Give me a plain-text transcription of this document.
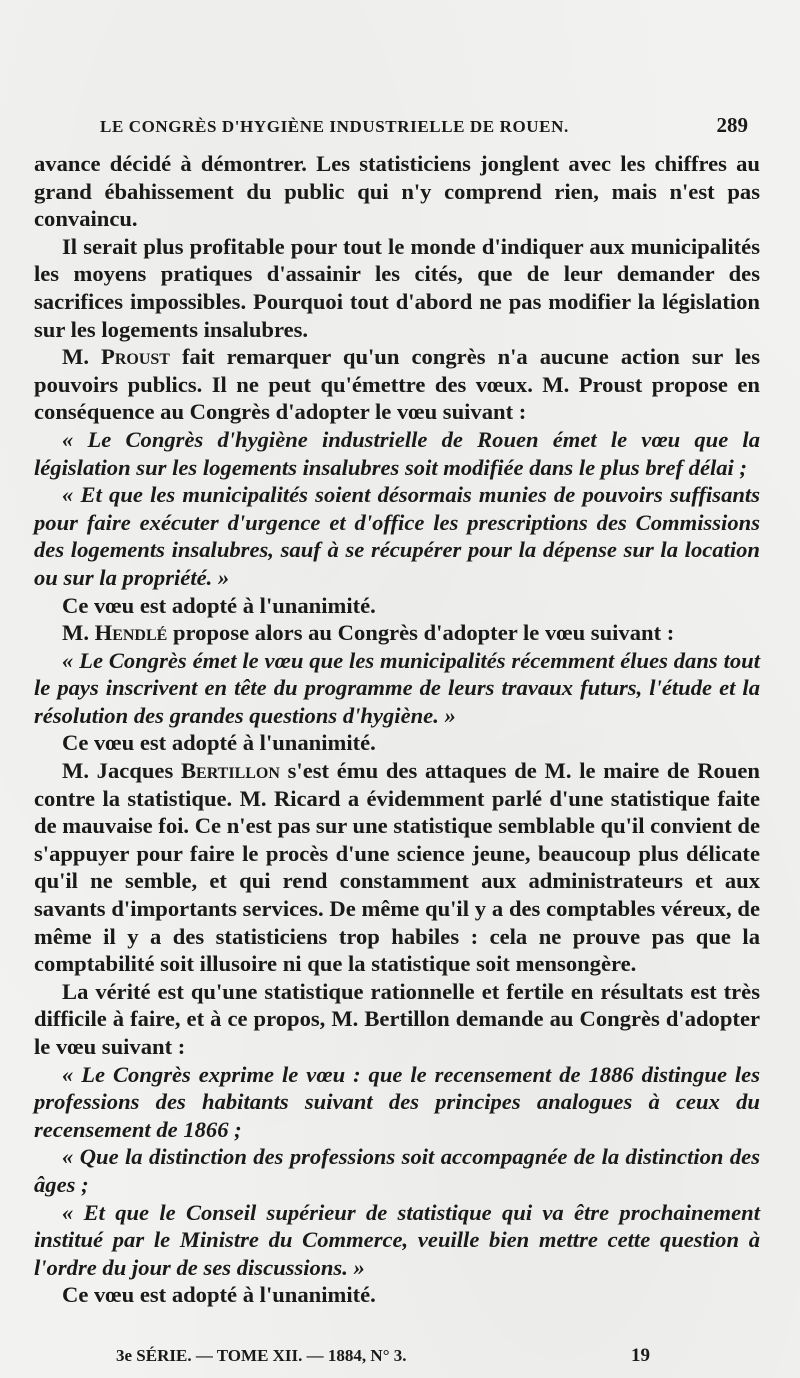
LE CONGRÈS D'HYGIÈNE INDUSTRIELLE DE ROUEN.	289

avance décidé à démontrer. Les statisticiens jonglent avec les chiffres au grand ébahissement du public qui n'y comprend rien, mais n'est pas convaincu.

Il serait plus profitable pour tout le monde d'indiquer aux municipalités les moyens pratiques d'assainir les cités, que de leur demander des sacrifices impossibles. Pourquoi tout d'abord ne pas modifier la législation sur les logements insalubres.

M. Proust fait remarquer qu'un congrès n'a aucune action sur les pouvoirs publics. Il ne peut qu'émettre des vœux. M. Proust propose en conséquence au Congrès d'adopter le vœu suivant :

« Le Congrès d'hygiène industrielle de Rouen émet le vœu que la législation sur les logements insalubres soit modifiée dans le plus bref délai ;

« Et que les municipalités soient désormais munies de pouvoirs suffisants pour faire exécuter d'urgence et d'office les prescriptions des Commissions des logements insalubres, sauf à se récupérer pour la dépense sur la location ou sur la propriété. »

Ce vœu est adopté à l'unanimité.

M. Hendlé propose alors au Congrès d'adopter le vœu suivant :

« Le Congrès émet le vœu que les municipalités récemment élues dans tout le pays inscrivent en tête du programme de leurs travaux futurs, l'étude et la résolution des grandes questions d'hygiène. »

Ce vœu est adopté à l'unanimité.

M. Jacques Bertillon s'est ému des attaques de M. le maire de Rouen contre la statistique. M. Ricard a évidemment parlé d'une statistique faite de mauvaise foi. Ce n'est pas sur une statistique semblable qu'il convient de s'appuyer pour faire le procès d'une science jeune, beaucoup plus délicate qu'il ne semble, et qui rend constamment aux administrateurs et aux savants d'importants services. De même qu'il y a des comptables véreux, de même il y a des statisticiens trop habiles : cela ne prouve pas que la comptabilité soit illusoire ni que la statistique soit mensongère.

La vérité est qu'une statistique rationnelle et fertile en résultats est très difficile à faire, et à ce propos, M. Bertillon demande au Congrès d'adopter le vœu suivant :

« Le Congrès exprime le vœu : que le recensement de 1886 distingue les professions des habitants suivant des principes analogues à ceux du recensement de 1866 ;

« Que la distinction des professions soit accompagnée de la distinction des âges ;

« Et que le Conseil supérieur de statistique qui va être prochainement institué par le Ministre du Commerce, veuille bien mettre cette question à l'ordre du jour de ses discussions. »

Ce vœu est adopté à l'unanimité.

3e SÉRIE. — TOME XII. — 1884, N° 3.	19
